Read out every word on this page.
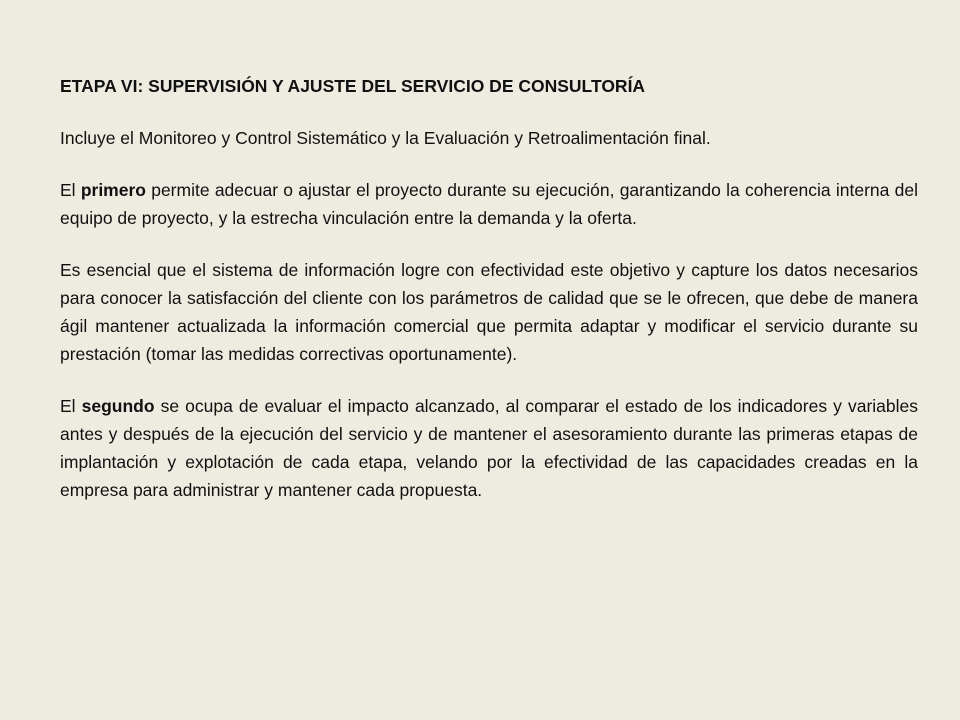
ETAPA VI: SUPERVISIÓN Y AJUSTE DEL SERVICIO DE CONSULTORÍA
Incluye el Monitoreo y Control Sistemático y la Evaluación y Retroalimentación final.
El primero permite adecuar o ajustar el proyecto durante su ejecución, garantizando la coherencia interna del equipo de proyecto, y la estrecha vinculación entre la demanda y la oferta.
Es esencial que el sistema de información logre con efectividad este objetivo y capture los datos necesarios para conocer la satisfacción del cliente con los parámetros de calidad que se le ofrecen, que debe de manera ágil mantener actualizada la información comercial que permita adaptar y modificar el servicio durante su prestación (tomar las medidas correctivas oportunamente).
El segundo se ocupa de evaluar el impacto alcanzado, al comparar el estado de los indicadores y variables antes y después de la ejecución del servicio y de mantener el asesoramiento durante las primeras etapas de implantación y explotación de cada etapa, velando por la efectividad de las capacidades creadas en la empresa para administrar y mantener cada propuesta.
